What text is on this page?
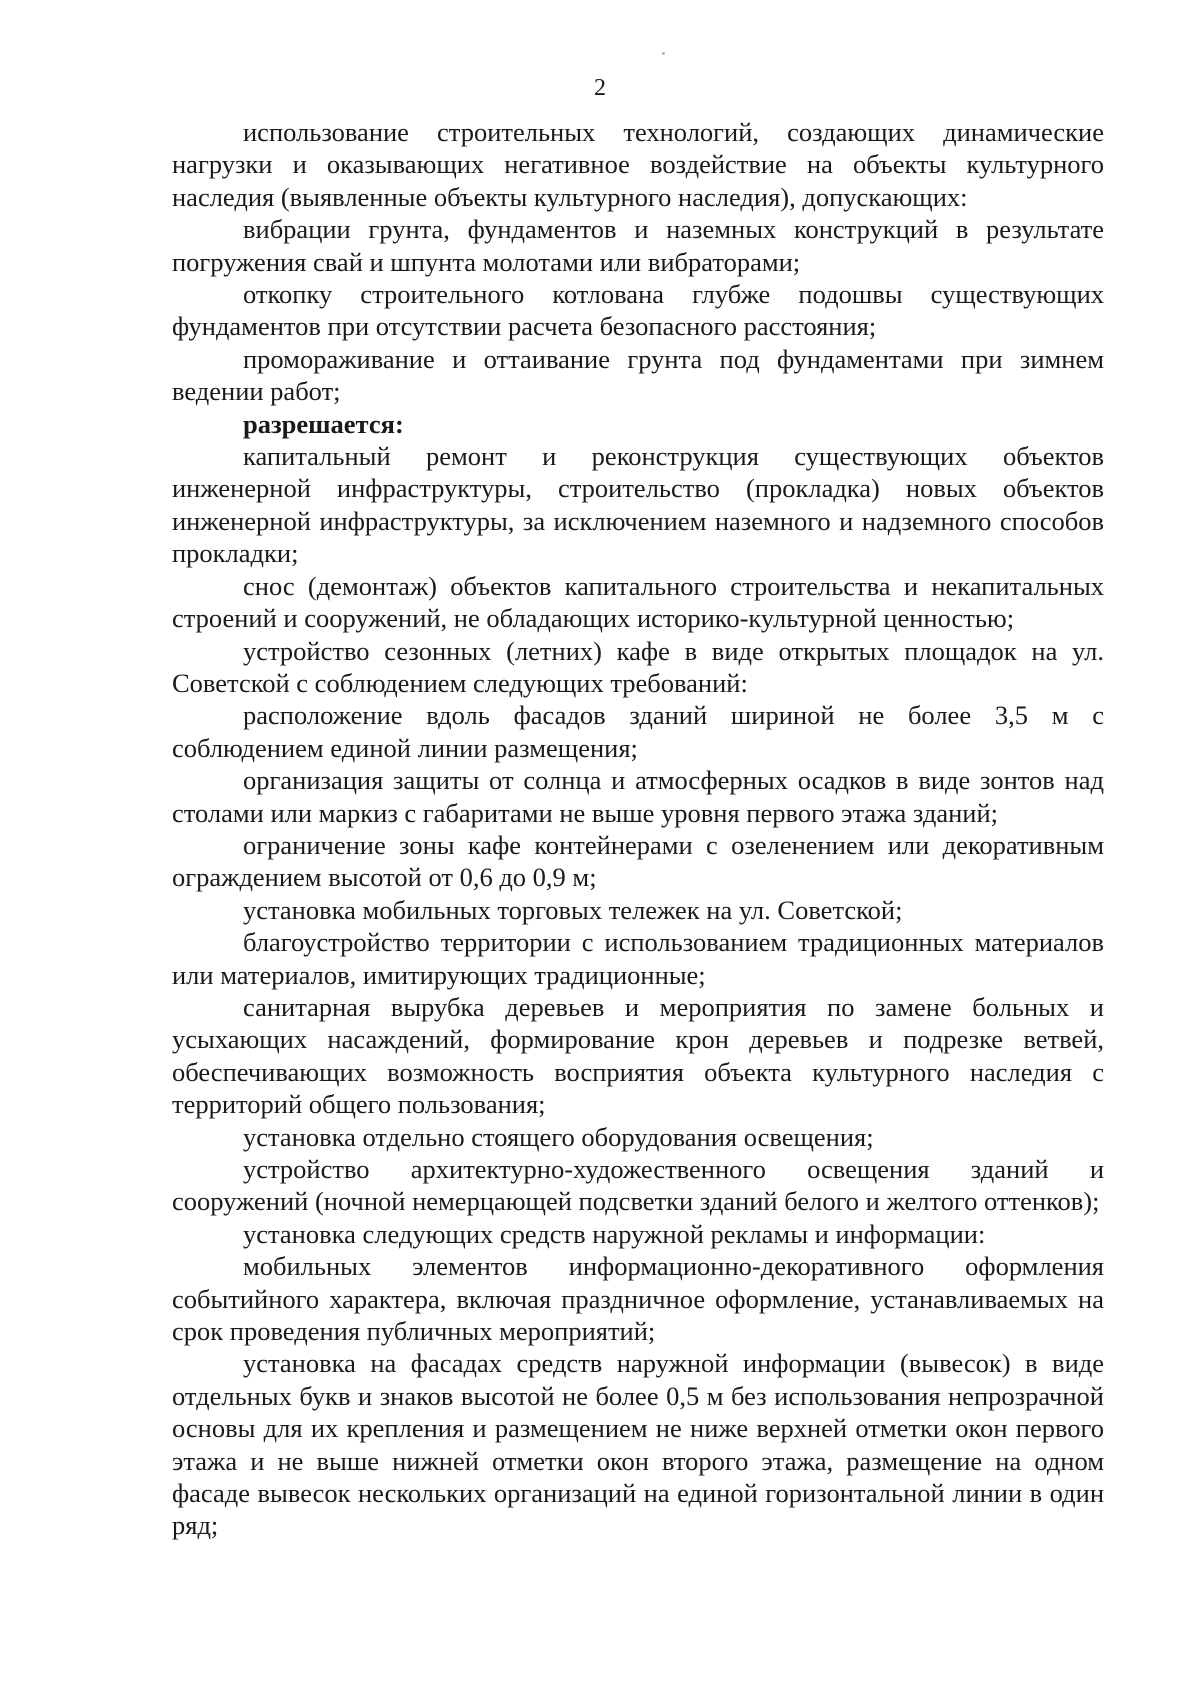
2

использование строительных технологий, создающих динамические нагрузки и оказывающих негативное воздействие на объекты культурного наследия (выявленные объекты культурного наследия), допускающих:

вибрации грунта, фундаментов и наземных конструкций в результате погружения свай и шпунта молотами или вибраторами;

откопку строительного котлована глубже подошвы существующих фундаментов при отсутствии расчета безопасного расстояния;

промораживание и оттаивание грунта под фундаментами при зимнем ведении работ;

разрешается:

капитальный ремонт и реконструкция существующих объектов инженерной инфраструктуры, строительство (прокладка) новых объектов инженерной инфраструктуры, за исключением наземного и надземного способов прокладки;

снос (демонтаж) объектов капитального строительства и некапитальных строений и сооружений, не обладающих историко-культурной ценностью;

устройство сезонных (летних) кафе в виде открытых площадок на ул. Советской с соблюдением следующих требований:

расположение вдоль фасадов зданий шириной не более 3,5 м с соблюдением единой линии размещения;

организация защиты от солнца и атмосферных осадков в виде зонтов над столами или маркиз с габаритами не выше уровня первого этажа зданий;

ограничение зоны кафе контейнерами с озеленением или декоративным ограждением высотой от 0,6 до 0,9 м;

установка мобильных торговых тележек на ул. Советской;

благоустройство территории с использованием традиционных материалов или материалов, имитирующих традиционные;

санитарная вырубка деревьев и мероприятия по замене больных и усыхающих насаждений, формирование крон деревьев и подрезке ветвей, обеспечивающих возможность восприятия объекта культурного наследия с территорий общего пользования;

установка отдельно стоящего оборудования освещения;

устройство архитектурно-художественного освещения зданий и сооружений (ночной немерцающей подсветки зданий белого и желтого оттенков);

установка следующих средств наружной рекламы и информации:

мобильных элементов информационно-декоративного оформления событийного характера, включая праздничное оформление, устанавливаемых на срок проведения публичных мероприятий;

установка на фасадах средств наружной информации (вывесок) в виде отдельных букв и знаков высотой не более 0,5 м без использования непрозрачной основы для их крепления и размещением не ниже верхней отметки окон первого этажа и не выше нижней отметки окон второго этажа, размещение на одном фасаде вывесок нескольких организаций на единой горизонтальной линии в один ряд;
